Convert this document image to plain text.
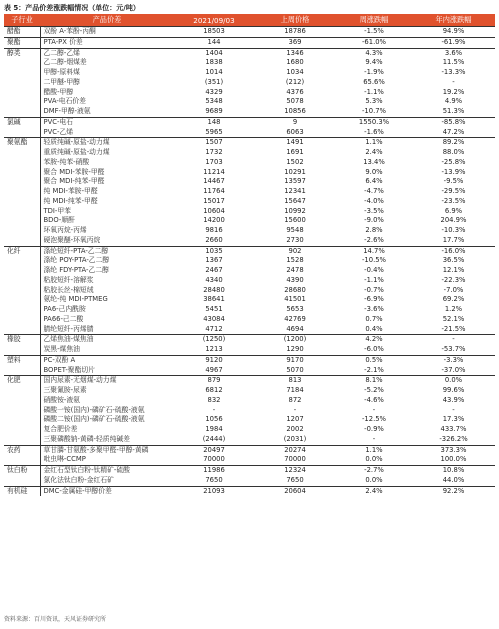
表 5：产品价差涨跌幅情况（单位：元/吨）
子行业	产品价差	2021/09/03	上周价格	周涨跌幅	年内涨跌幅
醋酯	双酚 A-苯酚-丙酮	18503	18786	-1.5%	94.9%
聚酯	PTA-PX 价差	144	369	-61.0%	-61.9%
醇类	乙二醇-乙烯	1404	1346	4.3%	3.6%
	乙二醇-烟煤差	1838	1680	9.4%	11.5%
	甲醇-原料煤	1014	1034	-1.9%	-13.3%
	二甲醚-甲醇	(351)	(212)	65.6%	-
	醋酸-甲醇	4329	4376	-1.1%	19.2%
	PVA-电石价差	5348	5078	5.3%	4.9%
	DMF-甲醇-液氨	9689	10856	-10.7%	51.3%
氯碱	PVC-电石	148	9	1550.3%	-85.8%
	PVC-乙烯	5965	6063	-1.6%	47.2%
聚氨酯	轻质纯碱-原盐-动力煤	1507	1491	1.1%	89.2%
	重质纯碱-原盐-动力煤	1732	1691	2.4%	88.0%
	苯胺-纯苯-硝酸	1703	1502	13.4%	-25.8%
	聚合 MDI-苯胺-甲醛	11214	10291	9.0%	-13.9%
	聚合 MDI-纯苯-甲醛	14467	13597	6.4%	-9.5%
	纯 MDI-苯胺-甲醛	11764	12341	-4.7%	-29.5%
	纯 MDI-纯苯-甲醛	15017	15647	-4.0%	-23.5%
	TDI-甲苯	10604	10992	-3.5%	6.9%
	BDO-顺酐	14200	15600	-9.0%	204.9%
	环氧丙烷-丙烯	9816	9548	2.8%	-10.3%
	硬泡聚醚-环氧丙烷	2660	2730	-2.6%	17.7%
化纤	涤纶短纤-PTA-乙二醇	1035	902	14.7%	-16.0%
	涤纶 POY-PTA-乙二醇	1367	1528	-10.5%	36.5%
	涤纶 FDY-PTA-乙二醇	2467	2478	-0.4%	12.1%
	粘胶短纤-溶解浆	4340	4390	-1.1%	-22.3%
	粘胶长丝-棉短绒	28480	28680	-0.7%	-7.0%
	氨纶-纯 MDI-PTMEG	38641	41501	-6.9%	69.2%
	PA6-己内酰胺	5451	5653	-3.6%	1.2%
	PA66-己二酸	43084	42769	0.7%	52.1%
	腈纶短纤-丙烯腈	4712	4694	0.4%	-21.5%
橡胶	乙烯焦油-煤焦油	(1250)	(1200)	4.2%	-
	炭黑-煤焦油	1213	1290	-6.0%	-53.7%
塑料	PC-双酚 A	9120	9170	0.5%	-3.3%
	BOPET-聚酯切片	4967	5070	-2.1%	-37.0%
化肥	国内尿素-无烟煤-动力煤	879	813	8.1%	0.0%
	三聚氰胺-尿素	6812	7184	-5.2%	99.6%
	硝酸铵-液氨	832	872	-4.6%	43.9%
	磷酸一铵(国内)-磷矿石-硫酸-液氨	-	-	-	-
	磷酸二铵(国内)-磷矿石-硫酸-液氨	1056	1207	-12.5%	17.3%
	复合肥价差	1984	2002	-0.9%	433.7%
	三聚磷酸钠-黄磷-轻质纯碱差	(2444)	(2031)	-	-326.2%
农药	草甘膦-甘氨酸-多聚甲醛-甲醇-黄磷	20497	20274	1.1%	373.3%
	吡虫啉-CCMP	70000	70000	0.0%	100.0%
钛白粉	金红石型钛白粉-钛精矿-硫酸	11986	12324	-2.7%	10.8%
	氯化法钛白粉-金红石矿	7650	7650	0.0%	44.0%
有机硅	DMC-金属硅-甲醇价差	21093	20604	2.4%	92.2%
资料来源：百川资讯，天风证券研究所
